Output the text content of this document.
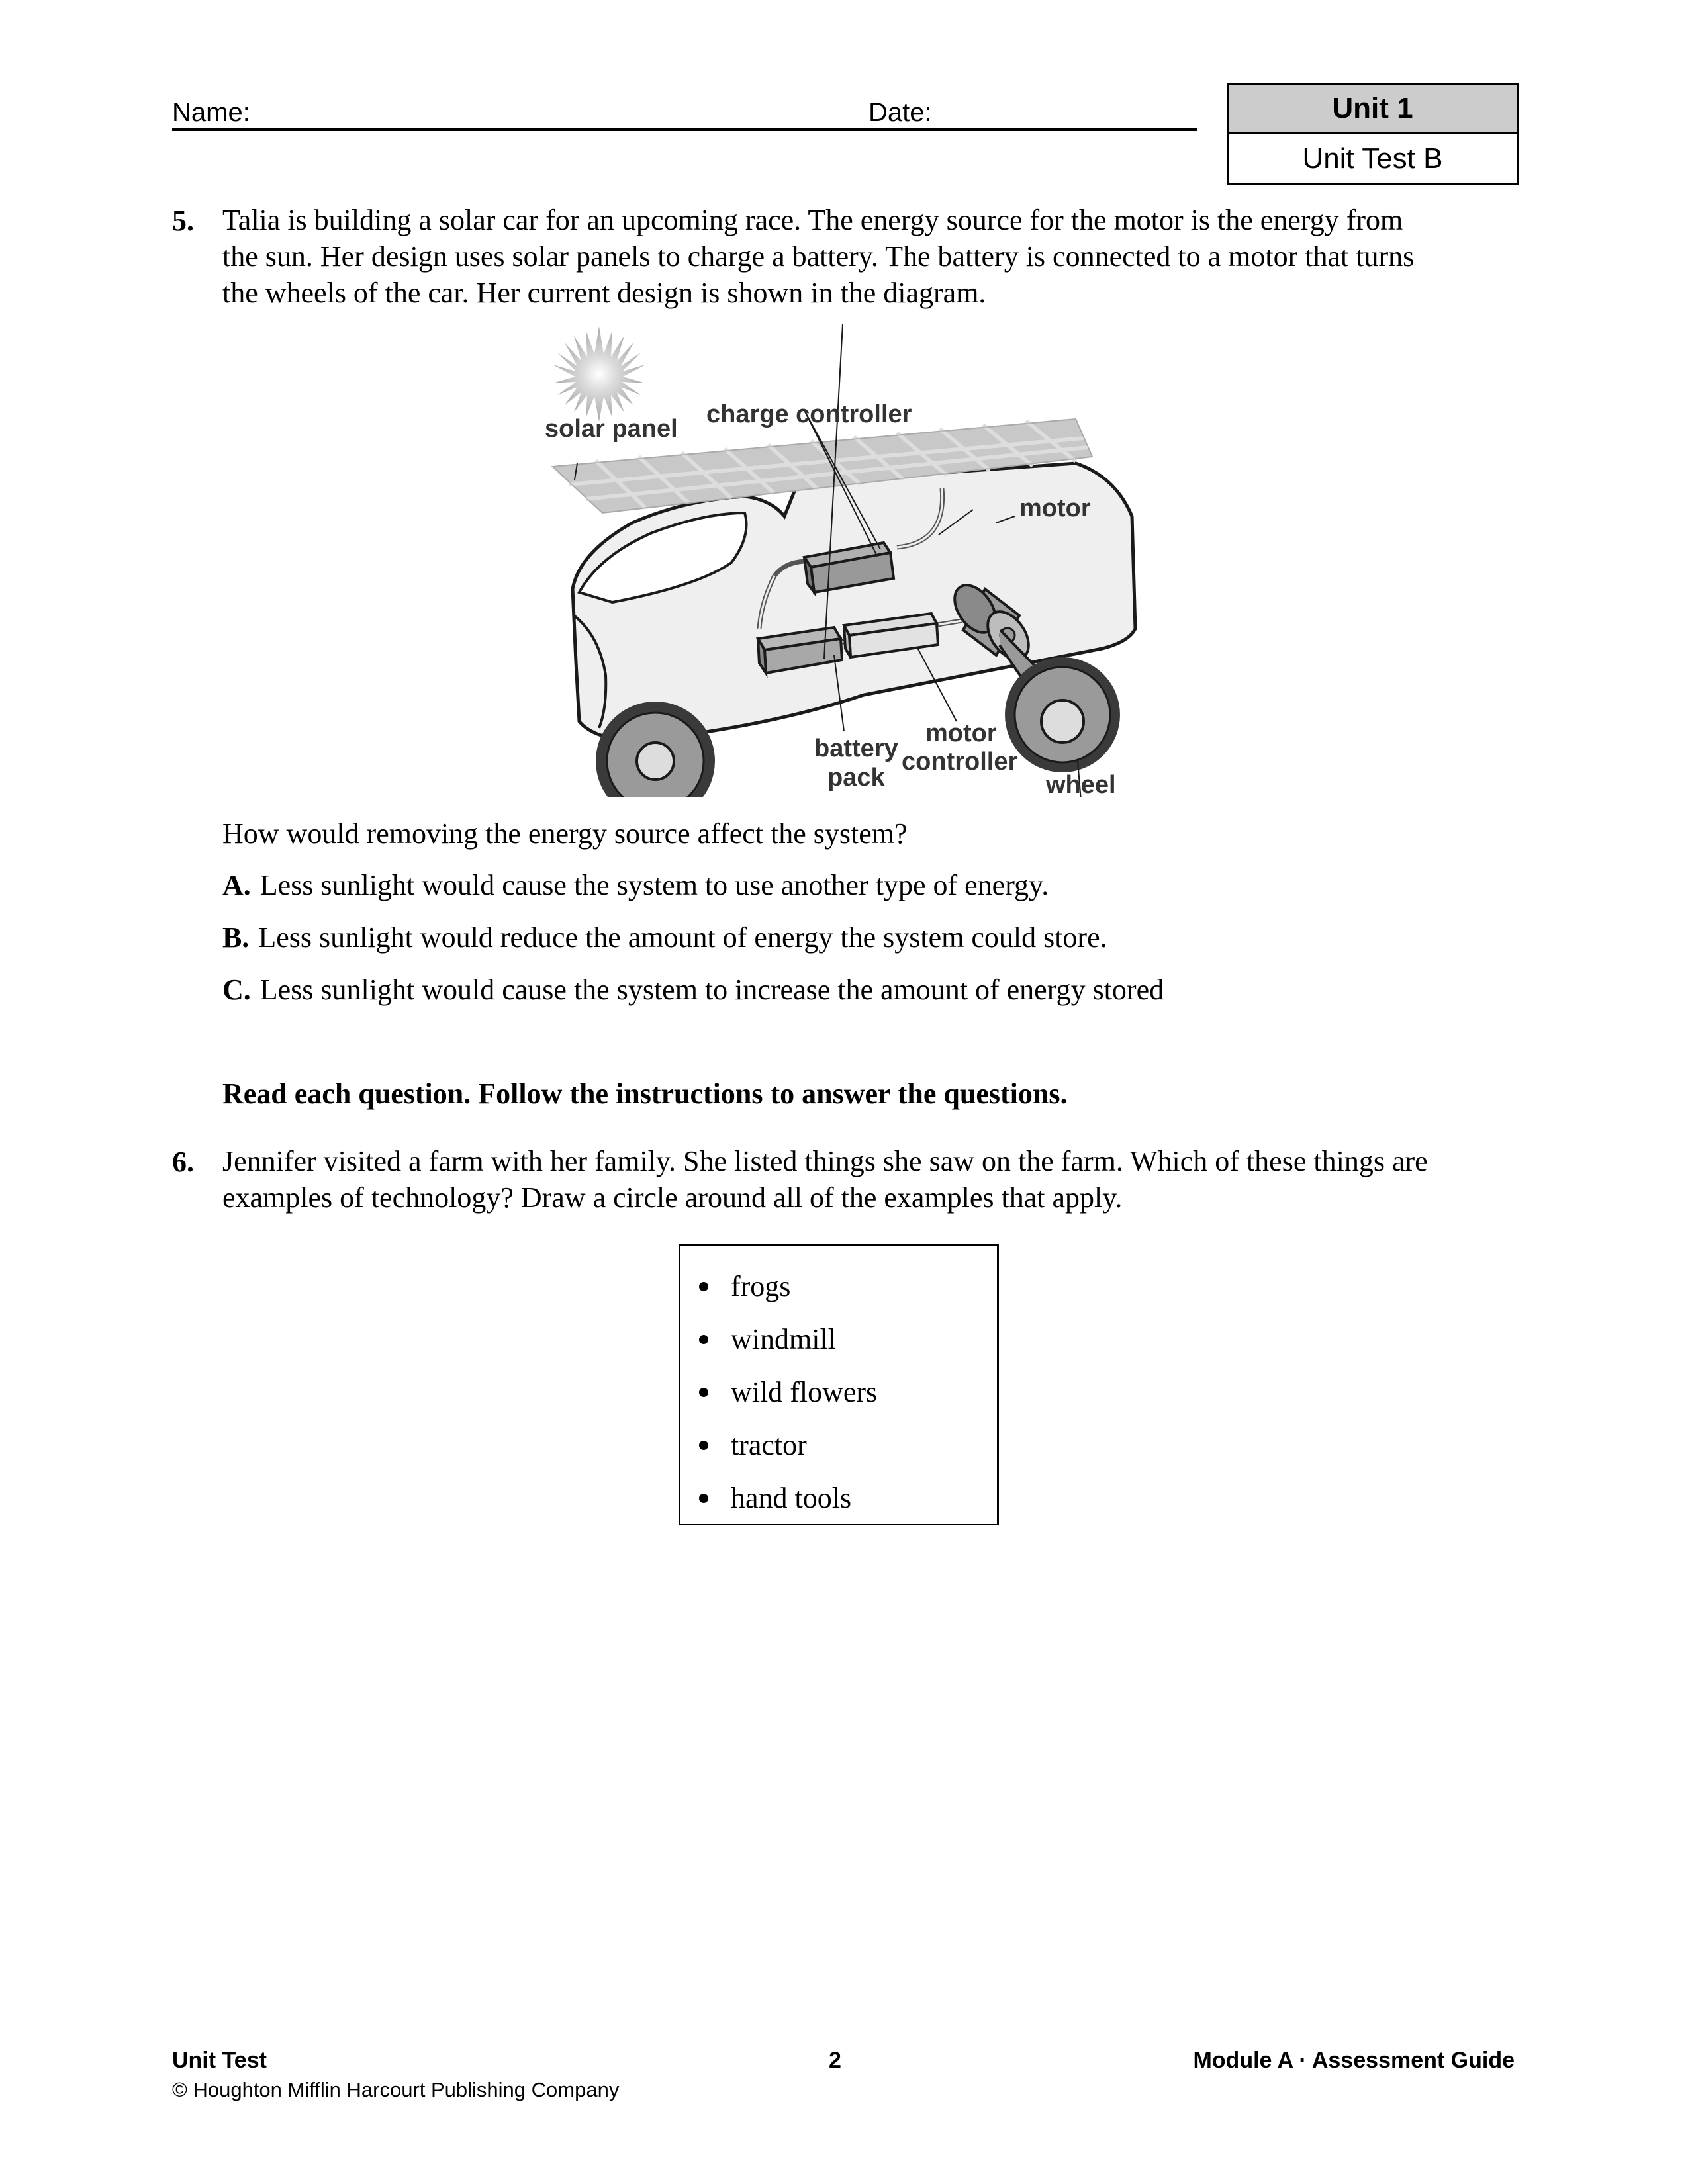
Name:	Date:	Unit 1
Unit Test B
5. Talia is building a solar car for an upcoming race. The energy source for the motor is the energy from
the sun. Her design uses solar panels to charge a battery. The battery is connected to a motor that turns
the wheels of the car. Her current design is shown in the diagram.
solar panel
charge controller
motor
battery
pack
motor
controller
wheel
How would removing the energy source affect the system?
A. Less sunlight would cause the system to use another type of energy.
B. Less sunlight would reduce the amount of energy the system could store.
C. Less sunlight would cause the system to increase the amount of energy stored
Read each question. Follow the instructions to answer the questions.
6. Jennifer visited a farm with her family. She listed things she saw on the farm. Which of these things are
examples of technology? Draw a circle around all of the examples that apply.
frogs
windmill
wild flowers
tractor
hand tools
Unit Test	2	Module A · Assessment Guide
© Houghton Mifflin Harcourt Publishing Company
